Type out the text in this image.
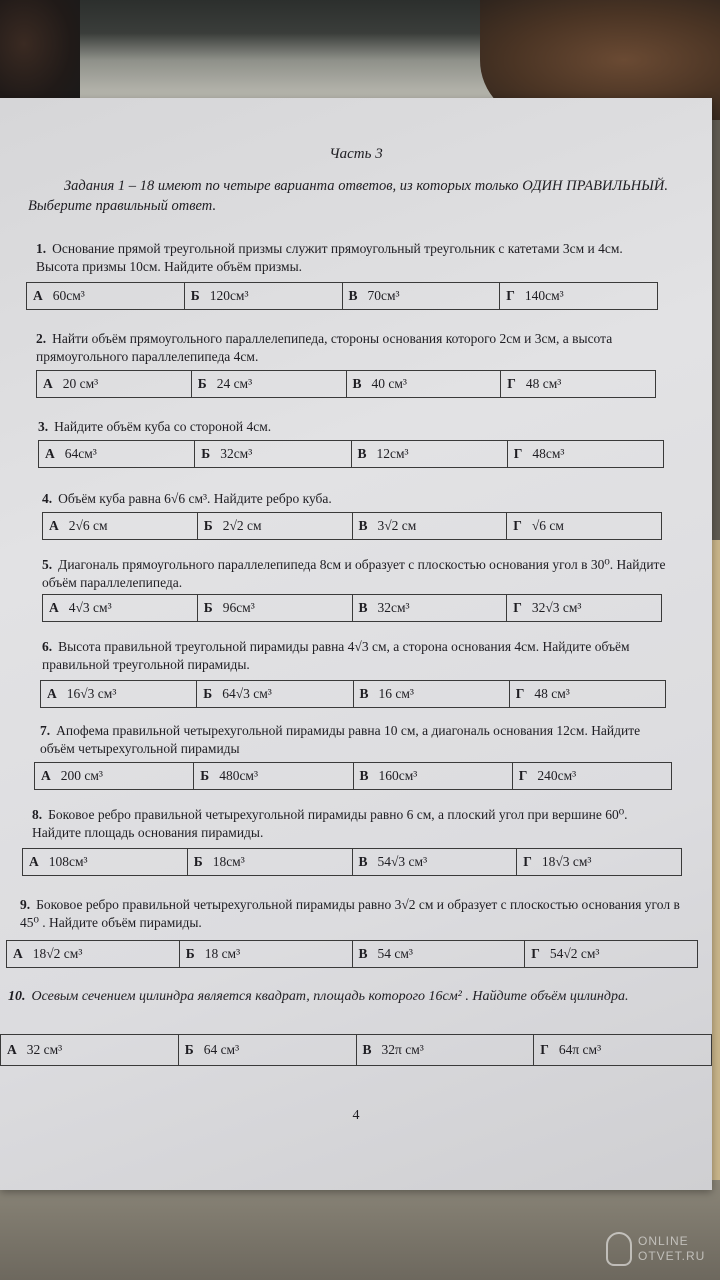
Часть 3
Задания 1 – 18 имеют по четыре варианта ответов, из которых только ОДИН ПРАВИЛЬНЫЙ. Выберите правильный ответ.
1. Основание прямой треугольной призмы служит прямоугольный треугольник с катетами 3см и 4см. Высота призмы 10см. Найдите объём призмы.
А 60см³	Б 120см³	В 70см³	Г 140см³
2. Найти объём прямоугольного параллелепипеда, стороны основания которого 2см и 3см, а высота прямоугольного параллелепипеда 4см.
А 20 см³	Б 24 см³	В 40 см³	Г 48 см³
3. Найдите объём куба со стороной 4см.
А 64см³	Б 32см³	В 12см³	Г 48см³
4. Объём куба равна 6√6 см³. Найдите ребро куба.
А 2√6 см	Б 2√2 см	В 3√2 см	Г √6 см
5. Диагональ прямоугольного параллелепипеда 8см и образует с плоскостью основания угол в 30⁰. Найдите объём параллелепипеда.
А 4√3 см³	Б 96см³	В 32см³	Г 32√3 см³
6. Высота правильной треугольной пирамиды равна 4√3 см, а сторона основания 4см. Найдите объём правильной треугольной пирамиды.
А 16√3 см³	Б 64√3 см³	В 16 см³	Г 48 см³
7. Апофема правильной четырехугольной пирамиды равна 10 см, а диагональ основания 12см. Найдите объём четырехугольной пирамиды
А 200 см³	Б 480см³	В 160см³	Г 240см³
8. Боковое ребро правильной четырехугольной пирамиды равно 6 см, а плоский угол при вершине 60⁰. Найдите площадь основания пирамиды.
А 108см³	Б 18см³	В 54√3 см³	Г 18√3 см³
9. Боковое ребро правильной четырехугольной пирамиды равно 3√2 см и образует с плоскостью основания угол в 45⁰ . Найдите объём пирамиды.
А 18√2 см³	Б 18 см³	В 54 см³	Г 54√2 см³
10. Осевым сечением цилиндра является квадрат, площадь которого 16см² . Найдите объём цилиндра.
А 32 см³	Б 64 см³	В 32π см³	Г 64π см³
4
ONLINE
OTVET.RU
